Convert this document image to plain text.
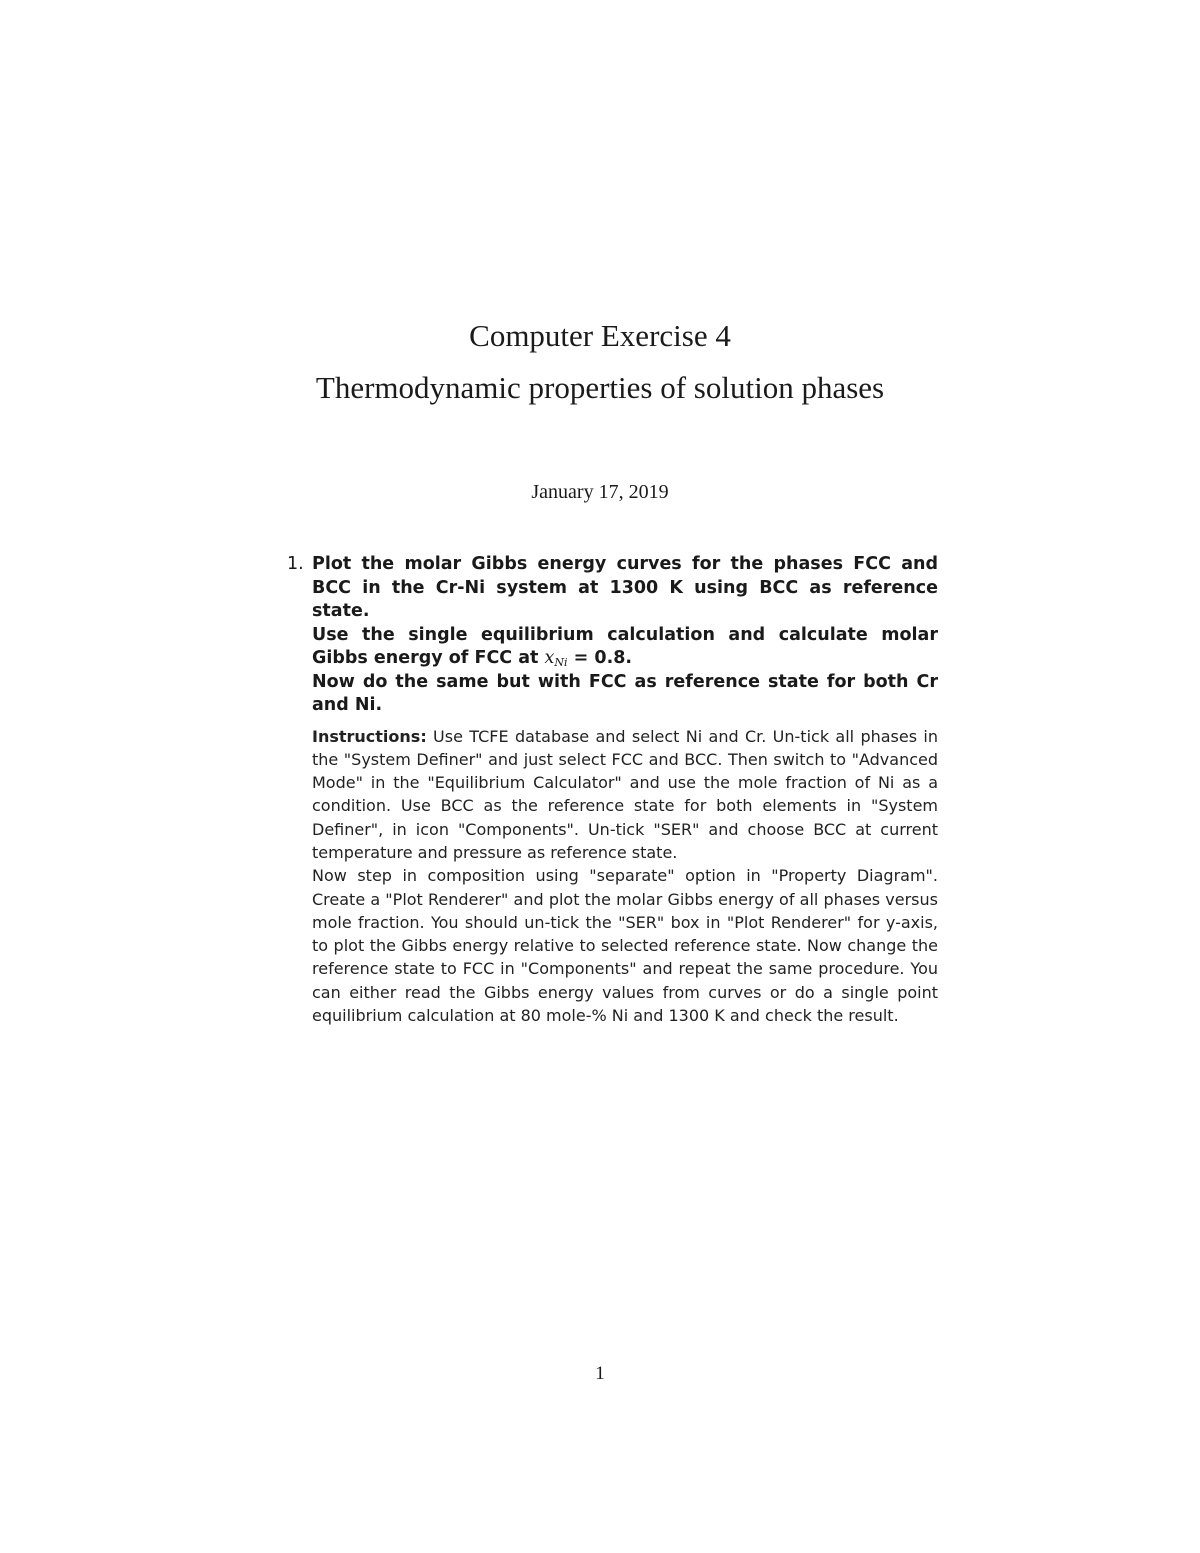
Computer Exercise 4
Thermodynamic properties of solution phases
January 17, 2019
1. Plot the molar Gibbs energy curves for the phases FCC and BCC in the Cr-Ni system at 1300 K using BCC as reference state.

Use the single equilibrium calculation and calculate molar Gibbs energy of FCC at $x_{Ni} = 0.8$.

Now do the same but with FCC as reference state for both Cr and Ni.

Instructions: Use TCFE database and select Ni and Cr. Un-tick all phases in the "System Definer" and just select FCC and BCC. Then switch to "Advanced Mode" in the "Equilibrium Calculator" and use the mole fraction of Ni as a condition. Use BCC as the reference state for both elements in "System Definer", in icon "Components". Un-tick "SER" and choose BCC at current temperature and pressure as reference state.
Now step in composition using "separate" option in "Property Diagram". Create a "Plot Renderer" and plot the molar Gibbs energy of all phases versus mole fraction. You should un-tick the "SER" box in "Plot Renderer" for y-axis, to plot the Gibbs energy relative to selected reference state. Now change the reference state to FCC in "Components" and repeat the same procedure. You can either read the Gibbs energy values from curves or do a single point equilibrium calculation at 80 mole-% Ni and 1300 K and check the result.

1
